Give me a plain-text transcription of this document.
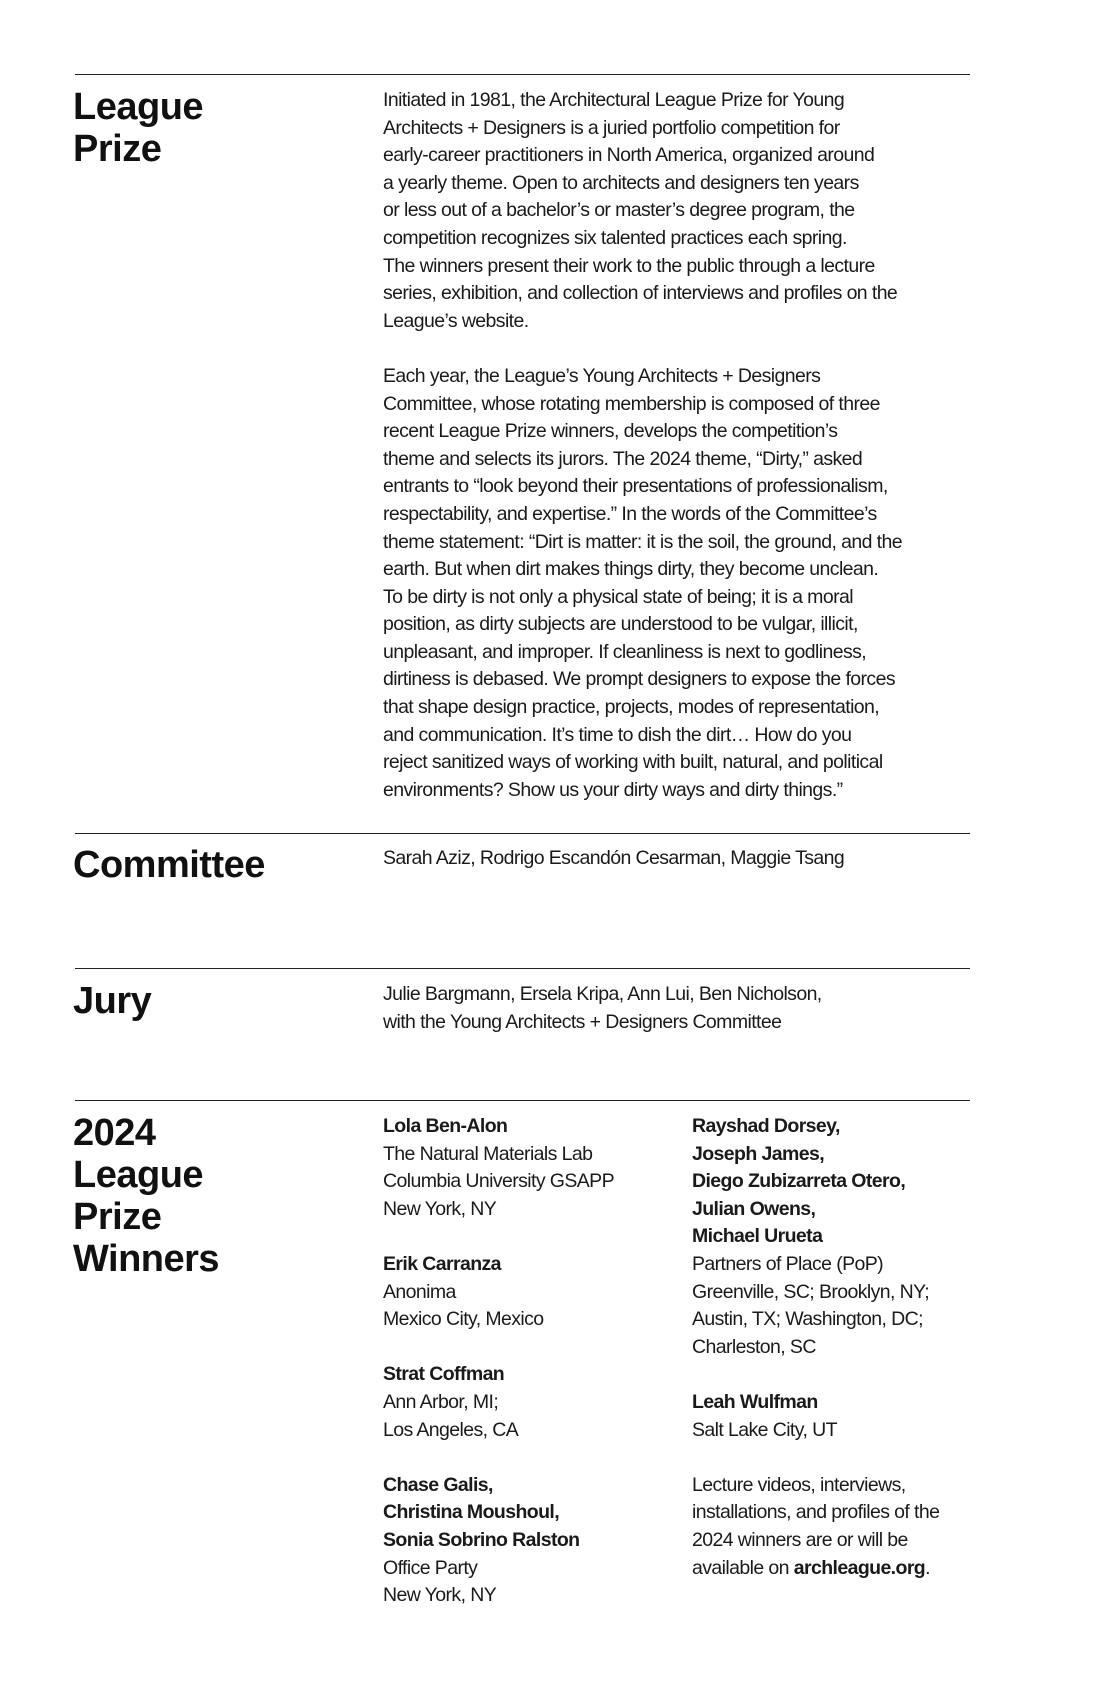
League
Prize

Initiated in 1981, the Architectural League Prize for Young
Architects + Designers is a juried portfolio competition for
early-career practitioners in North America, organized around
a yearly theme. Open to architects and designers ten years
or less out of a bachelor’s or master’s degree program, the
competition recognizes six talented practices each spring.
The winners present their work to the public through a lecture
series, exhibition, and collection of interviews and profiles on the
League’s website.

Each year, the League’s Young Architects + Designers
Committee, whose rotating membership is composed of three
recent League Prize winners, develops the competition’s
theme and selects its jurors. The 2024 theme, “Dirty,” asked
entrants to “look beyond their presentations of professionalism,
respectability, and expertise.” In the words of the Committee’s
theme statement: “Dirt is matter: it is the soil, the ground, and the
earth. But when dirt makes things dirty, they become unclean.
To be dirty is not only a physical state of being; it is a moral
position, as dirty subjects are understood to be vulgar, illicit,
unpleasant, and improper. If cleanliness is next to godliness,
dirtiness is debased. We prompt designers to expose the forces
that shape design practice, projects, modes of representation,
and communication. It’s time to dish the dirt… How do you
reject sanitized ways of working with built, natural, and political
environments? Show us your dirty ways and dirty things.”

Committee	Sarah Aziz, Rodrigo Escandón Cesarman, Maggie Tsang

Jury	Julie Bargmann, Ersela Kripa, Ann Lui, Ben Nicholson,
with the Young Architects + Designers Committee

2024
League
Prize
Winners
Lola Ben-Alon
The Natural Materials Lab
Columbia University GSAPP
New York, NY
Erik Carranza
Anonima
Mexico City, Mexico
Strat Coffman
Ann Arbor, MI;
Los Angeles, CA
Chase Galis,
Christina Moushoul,
Sonia Sobrino Ralston
Office Party
New York, NY
Rayshad Dorsey,
Joseph James,
Diego Zubizarreta Otero,
Julian Owens,
Michael Urueta
Partners of Place (PoP)
Greenville, SC; Brooklyn, NY;
Austin, TX; Washington, DC;
Charleston, SC
Leah Wulfman
Salt Lake City, UT
Lecture videos, interviews, installations, and profiles of the 2024 winners are or will be available on archleague.org.
